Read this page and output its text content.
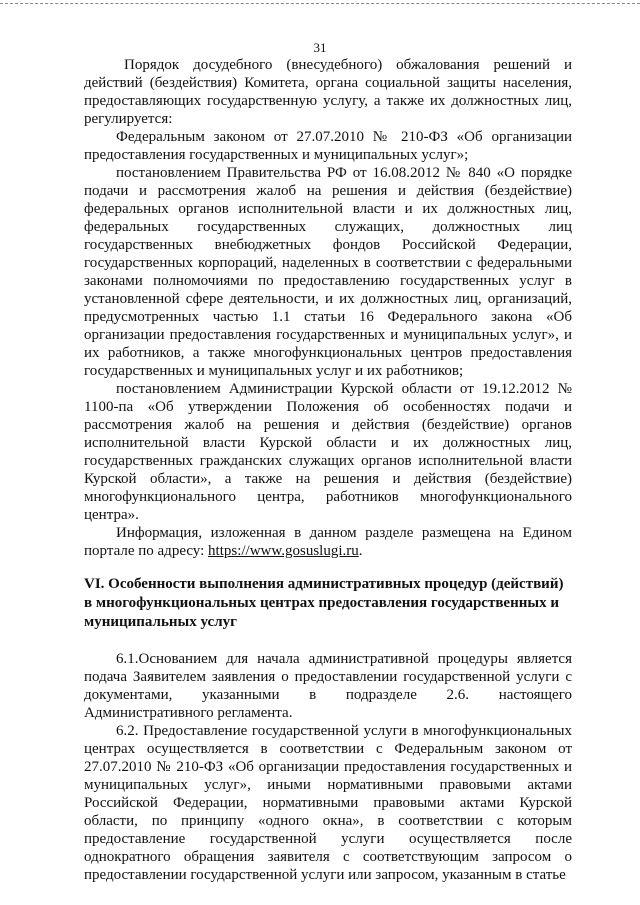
31

Порядок досудебного (внесудебного) обжалования решений и действий (бездействия) Комитета, органа социальной защиты населения, предоставляющих государственную услугу, а также их должностных лиц, регулируется:

Федеральным законом от 27.07.2010 № 210-ФЗ «Об организации предоставления государственных и муниципальных услуг»;

постановлением Правительства РФ от 16.08.2012 № 840 «О порядке подачи и рассмотрения жалоб на решения и действия (бездействие) федеральных органов исполнительной власти и их должностных лиц, федеральных государственных служащих, должностных лиц государственных внебюджетных фондов Российской Федерации, государственных корпораций, наделенных в соответствии с федеральными законами полномочиями по предоставлению государственных услуг в установленной сфере деятельности, и их должностных лиц, организаций, предусмотренных частью 1.1 статьи 16 Федерального закона «Об организации предоставления государственных и муниципальных услуг», и их работников, а также многофункциональных центров предоставления государственных и муниципальных услуг и их работников;

постановлением Администрации Курской области от 19.12.2012 № 1100-па «Об утверждении Положения об особенностях подачи и рассмотрения жалоб на решения и действия (бездействие) органов исполнительной власти Курской области и их должностных лиц, государственных гражданских служащих органов исполнительной власти Курской области», а также на решения и действия (бездействие) многофункционального центра, работников многофункционального центра».

Информация, изложенная в данном разделе размещена на Едином портале по адресу: https://www.gosuslugi.ru.

VI. Особенности выполнения административных процедур (действий) в многофункциональных центрах предоставления государственных и муниципальных услуг

6.1.Основанием для начала административной процедуры является подача Заявителем заявления о предоставлении государственной услуги с документами, указанными в подразделе 2.6. настоящего Административного регламента.

6.2. Предоставление государственной услуги в многофункциональных центрах осуществляется в соответствии с Федеральным законом от 27.07.2010 № 210-ФЗ «Об организации предоставления государственных и муниципальных услуг», иными нормативными правовыми актами Российской Федерации, нормативными правовыми актами Курской области, по принципу «одного окна», в соответствии с которым предоставление государственной услуги осуществляется после однократного обращения заявителя с соответствующим запросом о предоставлении государственной услуги или запросом, указанным в статье
